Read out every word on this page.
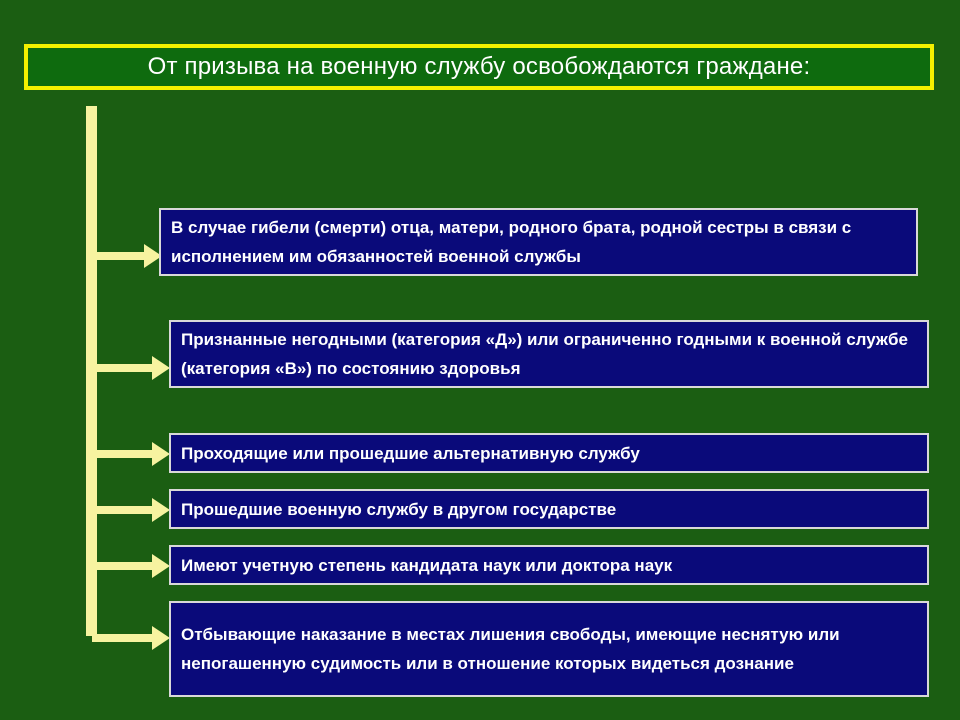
От призыва на военную службу освобождаются граждане:
В случае гибели (смерти) отца, матери, родного брата, родной сестры в связи с исполнением им обязанностей военной службы
Признанные негодными (категория «Д») или ограниченно годными к военной службе (категория «В») по состоянию здоровья
Проходящие или прошедшие альтернативную службу
Прошедшие военную службу в другом государстве
Имеют учетную степень кандидата наук или доктора наук
Отбывающие наказание в местах лишения свободы, имеющие неснятую или непогашенную судимость или в отношение которых видеться дознание
